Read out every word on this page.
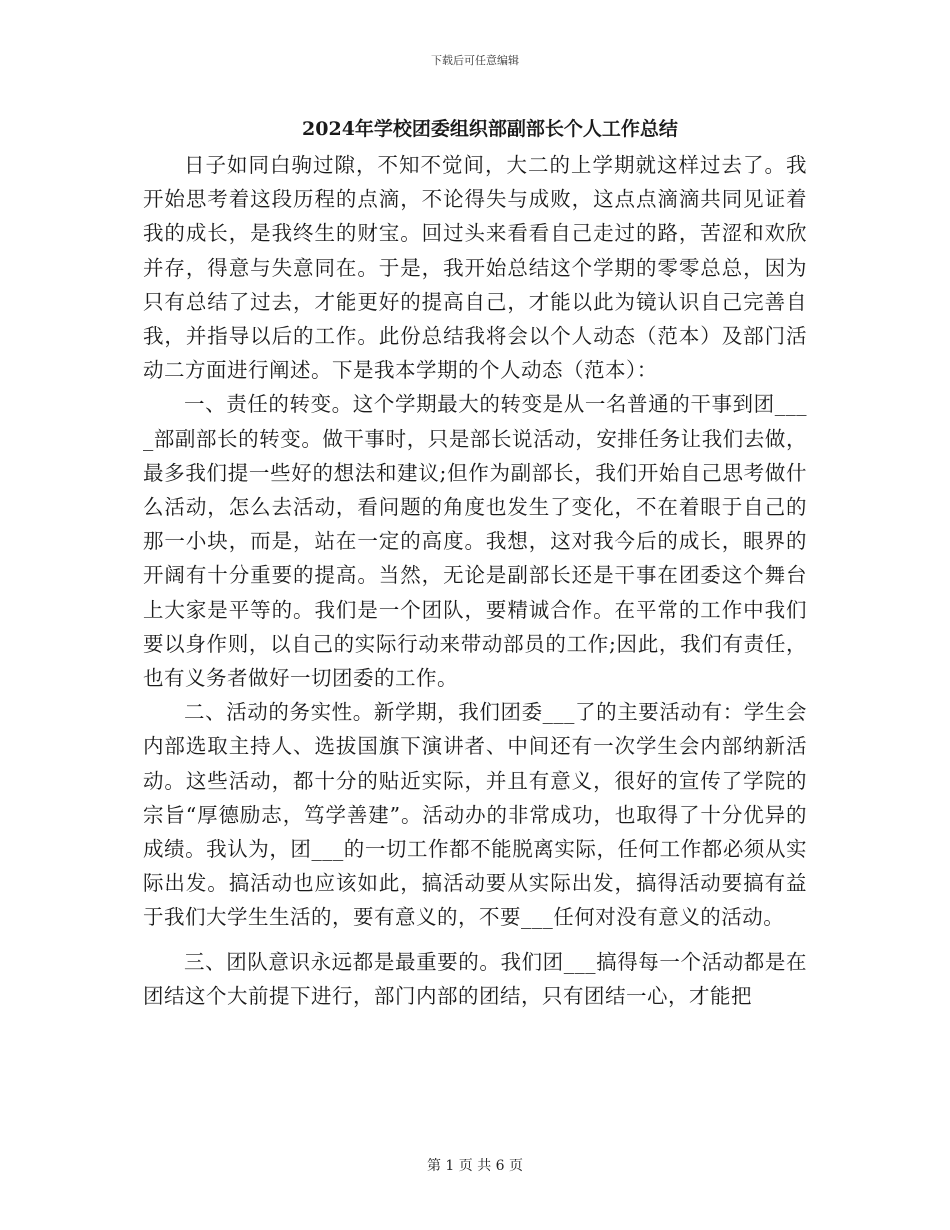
下载后可任意编辑
2024年学校团委组织部副部长个人工作总结

日子如同白驹过隙，不知不觉间，大二的上学期就这样过去了。我开始思考着这段历程的点滴，不论得失与成败，这点点滴滴共同见证着我的成长，是我终生的财宝。回过头来看看自己走过的路，苦涩和欢欣并存，得意与失意同在。于是，我开始总结这个学期的零零总总，因为只有总结了过去，才能更好的提高自己，才能以此为镜认识自己完善自我，并指导以后的工作。此份总结我将会以个人动态（范本）及部门活动二方面进行阐述。下是我本学期的个人动态（范本）：

一、责任的转变。这个学期最大的转变是从一名普通的干事到团____部副部长的转变。做干事时，只是部长说活动，安排任务让我们去做，最多我们提一些好的想法和建议;但作为副部长，我们开始自己思考做什么活动，怎么去活动，看问题的角度也发生了变化，不在着眼于自己的那一小块，而是，站在一定的高度。我想，这对我今后的成长，眼界的开阔有十分重要的提高。当然，无论是副部长还是干事在团委这个舞台上大家是平等的。我们是一个团队，要精诚合作。在平常的工作中我们要以身作则，以自己的实际行动来带动部员的工作;因此，我们有责任，也有义务者做好一切团委的工作。

二、活动的务实性。新学期，我们团委___了的主要活动有：学生会内部选取主持人、选拔国旗下演讲者、中间还有一次学生会内部纳新活动。这些活动，都十分的贴近实际，并且有意义，很好的宣传了学院的宗旨“厚德励志，笃学善建”。活动办的非常成功，也取得了十分优异的成绩。我认为，团___的一切工作都不能脱离实际，任何工作都必须从实际出发。搞活动也应该如此，搞活动要从实际出发，搞得活动要搞有益于我们大学生生活的，要有意义的，不要___任何对没有意义的活动。

三、团队意识永远都是最重要的。我们团___搞得每一个活动都是在团结这个大前提下进行，部门内部的团结，只有团结一心，才能把

第 1 页 共 6 页
